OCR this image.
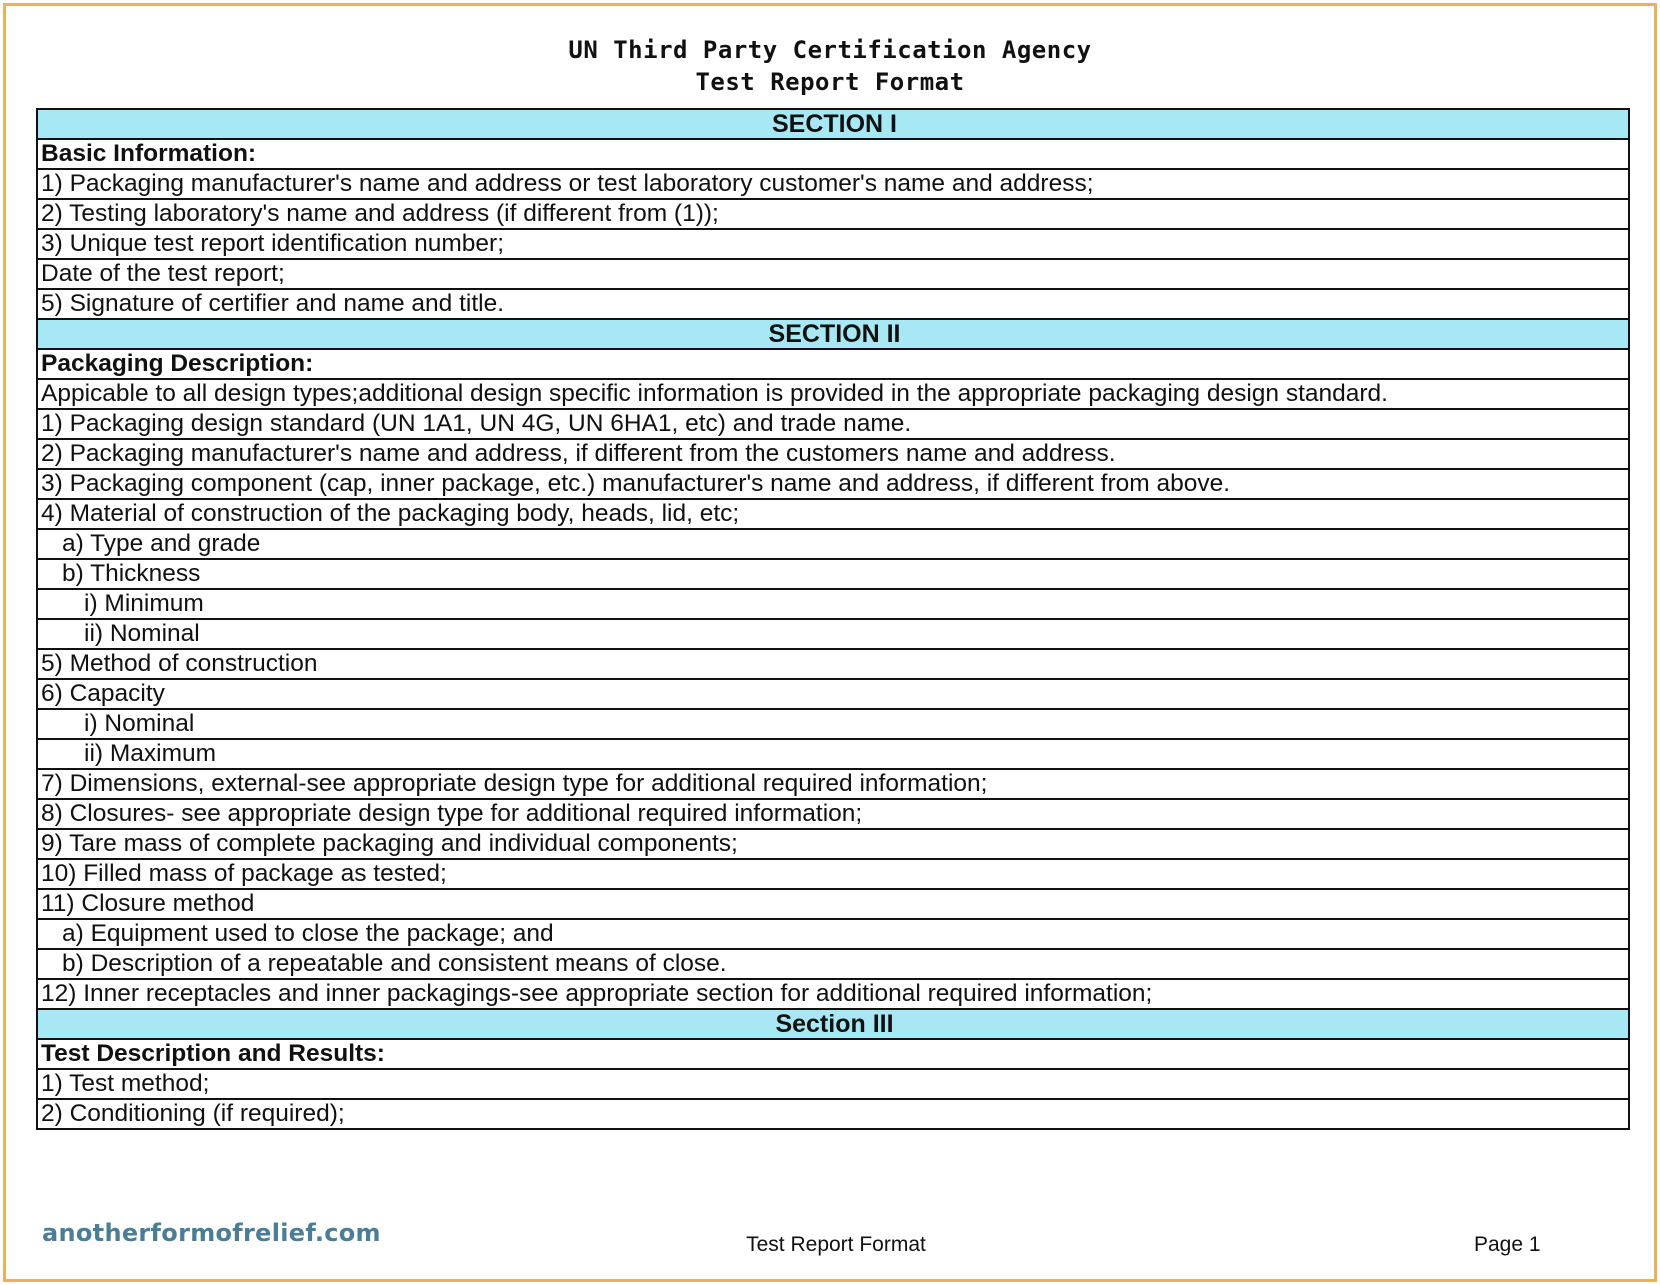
UN Third Party Certification Agency
Test Report Format
SECTION I
Basic Information:
1) Packaging manufacturer's name and address or test laboratory customer's name and address;
2) Testing laboratory's name and address (if different from (1));
3) Unique test report identification number;
Date of the test report;
5) Signature of certifier and name and title.
SECTION II
Packaging Description:
Appicable to all design types;additional design specific information is provided in the appropriate packaging design standard.
1) Packaging design standard (UN 1A1, UN 4G, UN 6HA1, etc) and trade name.
2) Packaging manufacturer's name and address, if different from the customers name and address.
3) Packaging component (cap, inner package, etc.) manufacturer's name and address, if different from above.
4) Material of construction of the packaging body, heads, lid, etc;
a) Type and grade
b) Thickness
i) Minimum
ii) Nominal
5) Method of construction
6) Capacity
i) Nominal
ii) Maximum
7) Dimensions, external-see appropriate design type for additional required information;
8) Closures- see appropriate design type for additional required information;
9) Tare mass of complete packaging and individual components;
10) Filled mass of package as tested;
11) Closure method
a) Equipment used to close the package; and
b) Description of a repeatable and consistent means of close.
12) Inner receptacles and inner packagings-see appropriate section for additional required information;
Section III
Test Description and Results:
1) Test method;
2) Conditioning (if required);
anotherformofrelief.com	Test Report Format	Page 1
